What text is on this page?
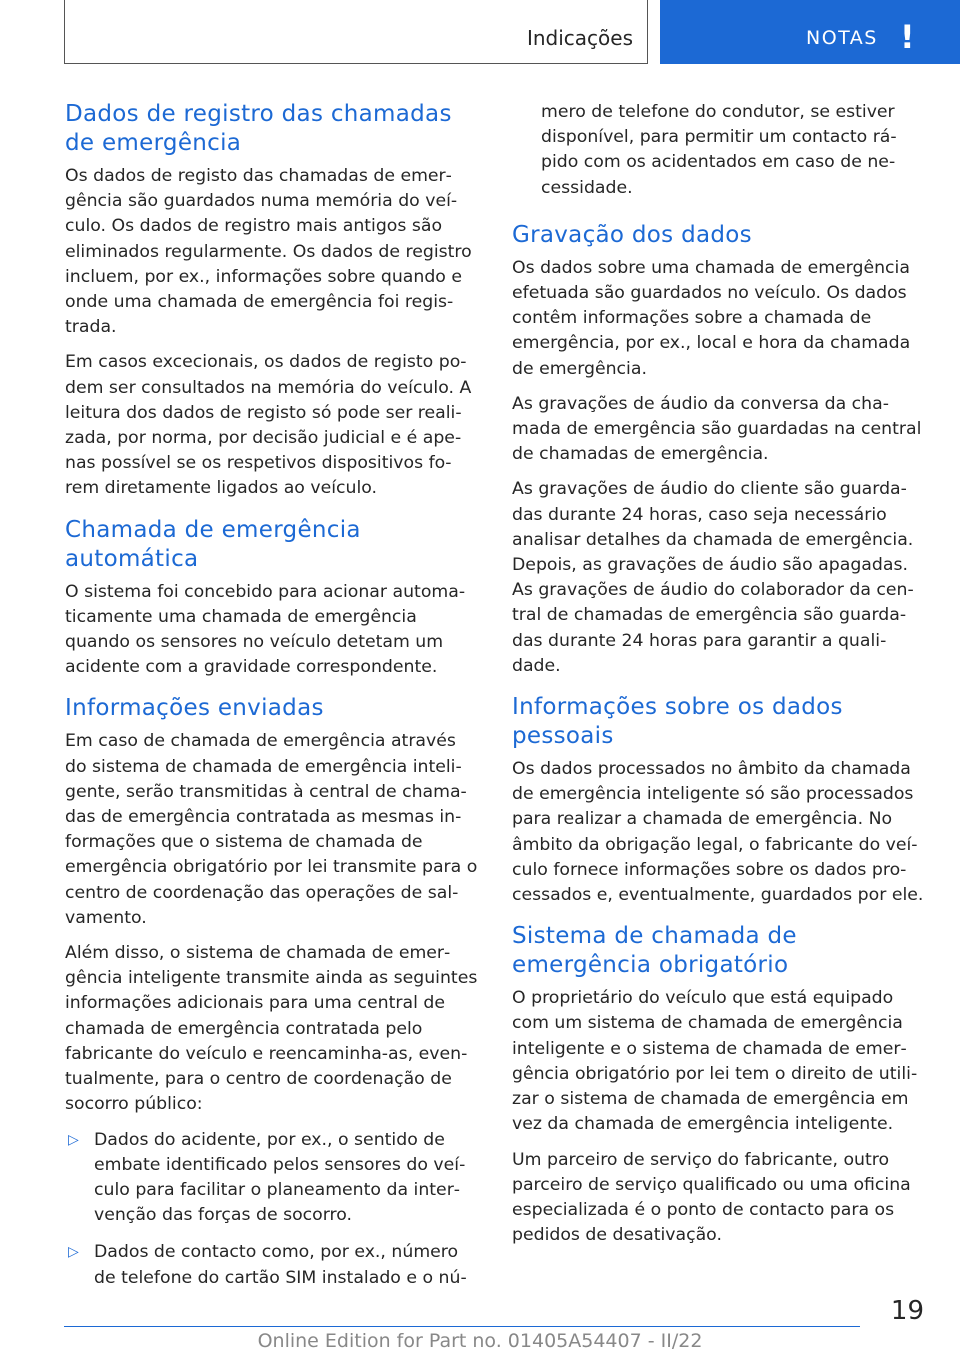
Indicações	NOTAS !
Dados de registro das chamadas de emergência

Os dados de registo das chamadas de emergência são guardados numa memória do veículo. Os dados de registro mais antigos são eliminados regularmente. Os dados de registro incluem, por ex., informações sobre quando e onde uma chamada de emergência foi registrada.

Em casos excecionais, os dados de registo podem ser consultados na memória do veículo. A leitura dos dados de registo só pode ser realizada, por norma, por decisão judicial e é apenas possível se os respetivos dispositivos forem diretamente ligados ao veículo.

Chamada de emergência automática

O sistema foi concebido para acionar automaticamente uma chamada de emergência quando os sensores no veículo detetam um acidente com a gravidade correspondente.

Informações enviadas

Em caso de chamada de emergência através do sistema de chamada de emergência inteligente, serão transmitidas à central de chamadas de emergência contratada as mesmas informações que o sistema de chamada de emergência obrigatório por lei transmite para o centro de coordenação das operações de salvamento.

Além disso, o sistema de chamada de emergência inteligente transmite ainda as seguintes informações adicionais para uma central de chamada de emergência contratada pelo fabricante do veículo e reencaminha-as, eventualmente, para o centro de coordenação de socorro público:

▷ Dados do acidente, por ex., o sentido de embate identificado pelos sensores do veículo para facilitar o planeamento da intervenção das forças de socorro.
▷ Dados de contacto como, por ex., número de telefone do cartão SIM instalado e o nú-

mero de telefone do condutor, se estiver disponível, para permitir um contacto rápido com os acidentados em caso de necessidade.

Gravação dos dados

Os dados sobre uma chamada de emergência efetuada são guardados no veículo. Os dados contêm informações sobre a chamada de emergência, por ex., local e hora da chamada de emergência.

As gravações de áudio da conversa da chamada de emergência são guardadas na central de chamadas de emergência.

As gravações de áudio do cliente são guardadas durante 24 horas, caso seja necessário analisar detalhes da chamada de emergência. Depois, as gravações de áudio são apagadas. As gravações de áudio do colaborador da central de chamadas de emergência são guardadas durante 24 horas para garantir a qualidade.

Informações sobre os dados pessoais

Os dados processados no âmbito da chamada de emergência inteligente só são processados para realizar a chamada de emergência. No âmbito da obrigação legal, o fabricante do veículo fornece informações sobre os dados processados e, eventualmente, guardados por ele.

Sistema de chamada de emergência obrigatório

O proprietário do veículo que está equipado com um sistema de chamada de emergência inteligente e o sistema de chamada de emergência obrigatório por lei tem o direito de utilizar o sistema de chamada de emergência em vez da chamada de emergência inteligente.

Um parceiro de serviço do fabricante, outro parceiro de serviço qualificado ou uma oficina especializada é o ponto de contacto para os pedidos de desativação.

19
Online Edition for Part no. 01405A54407 - II/22
